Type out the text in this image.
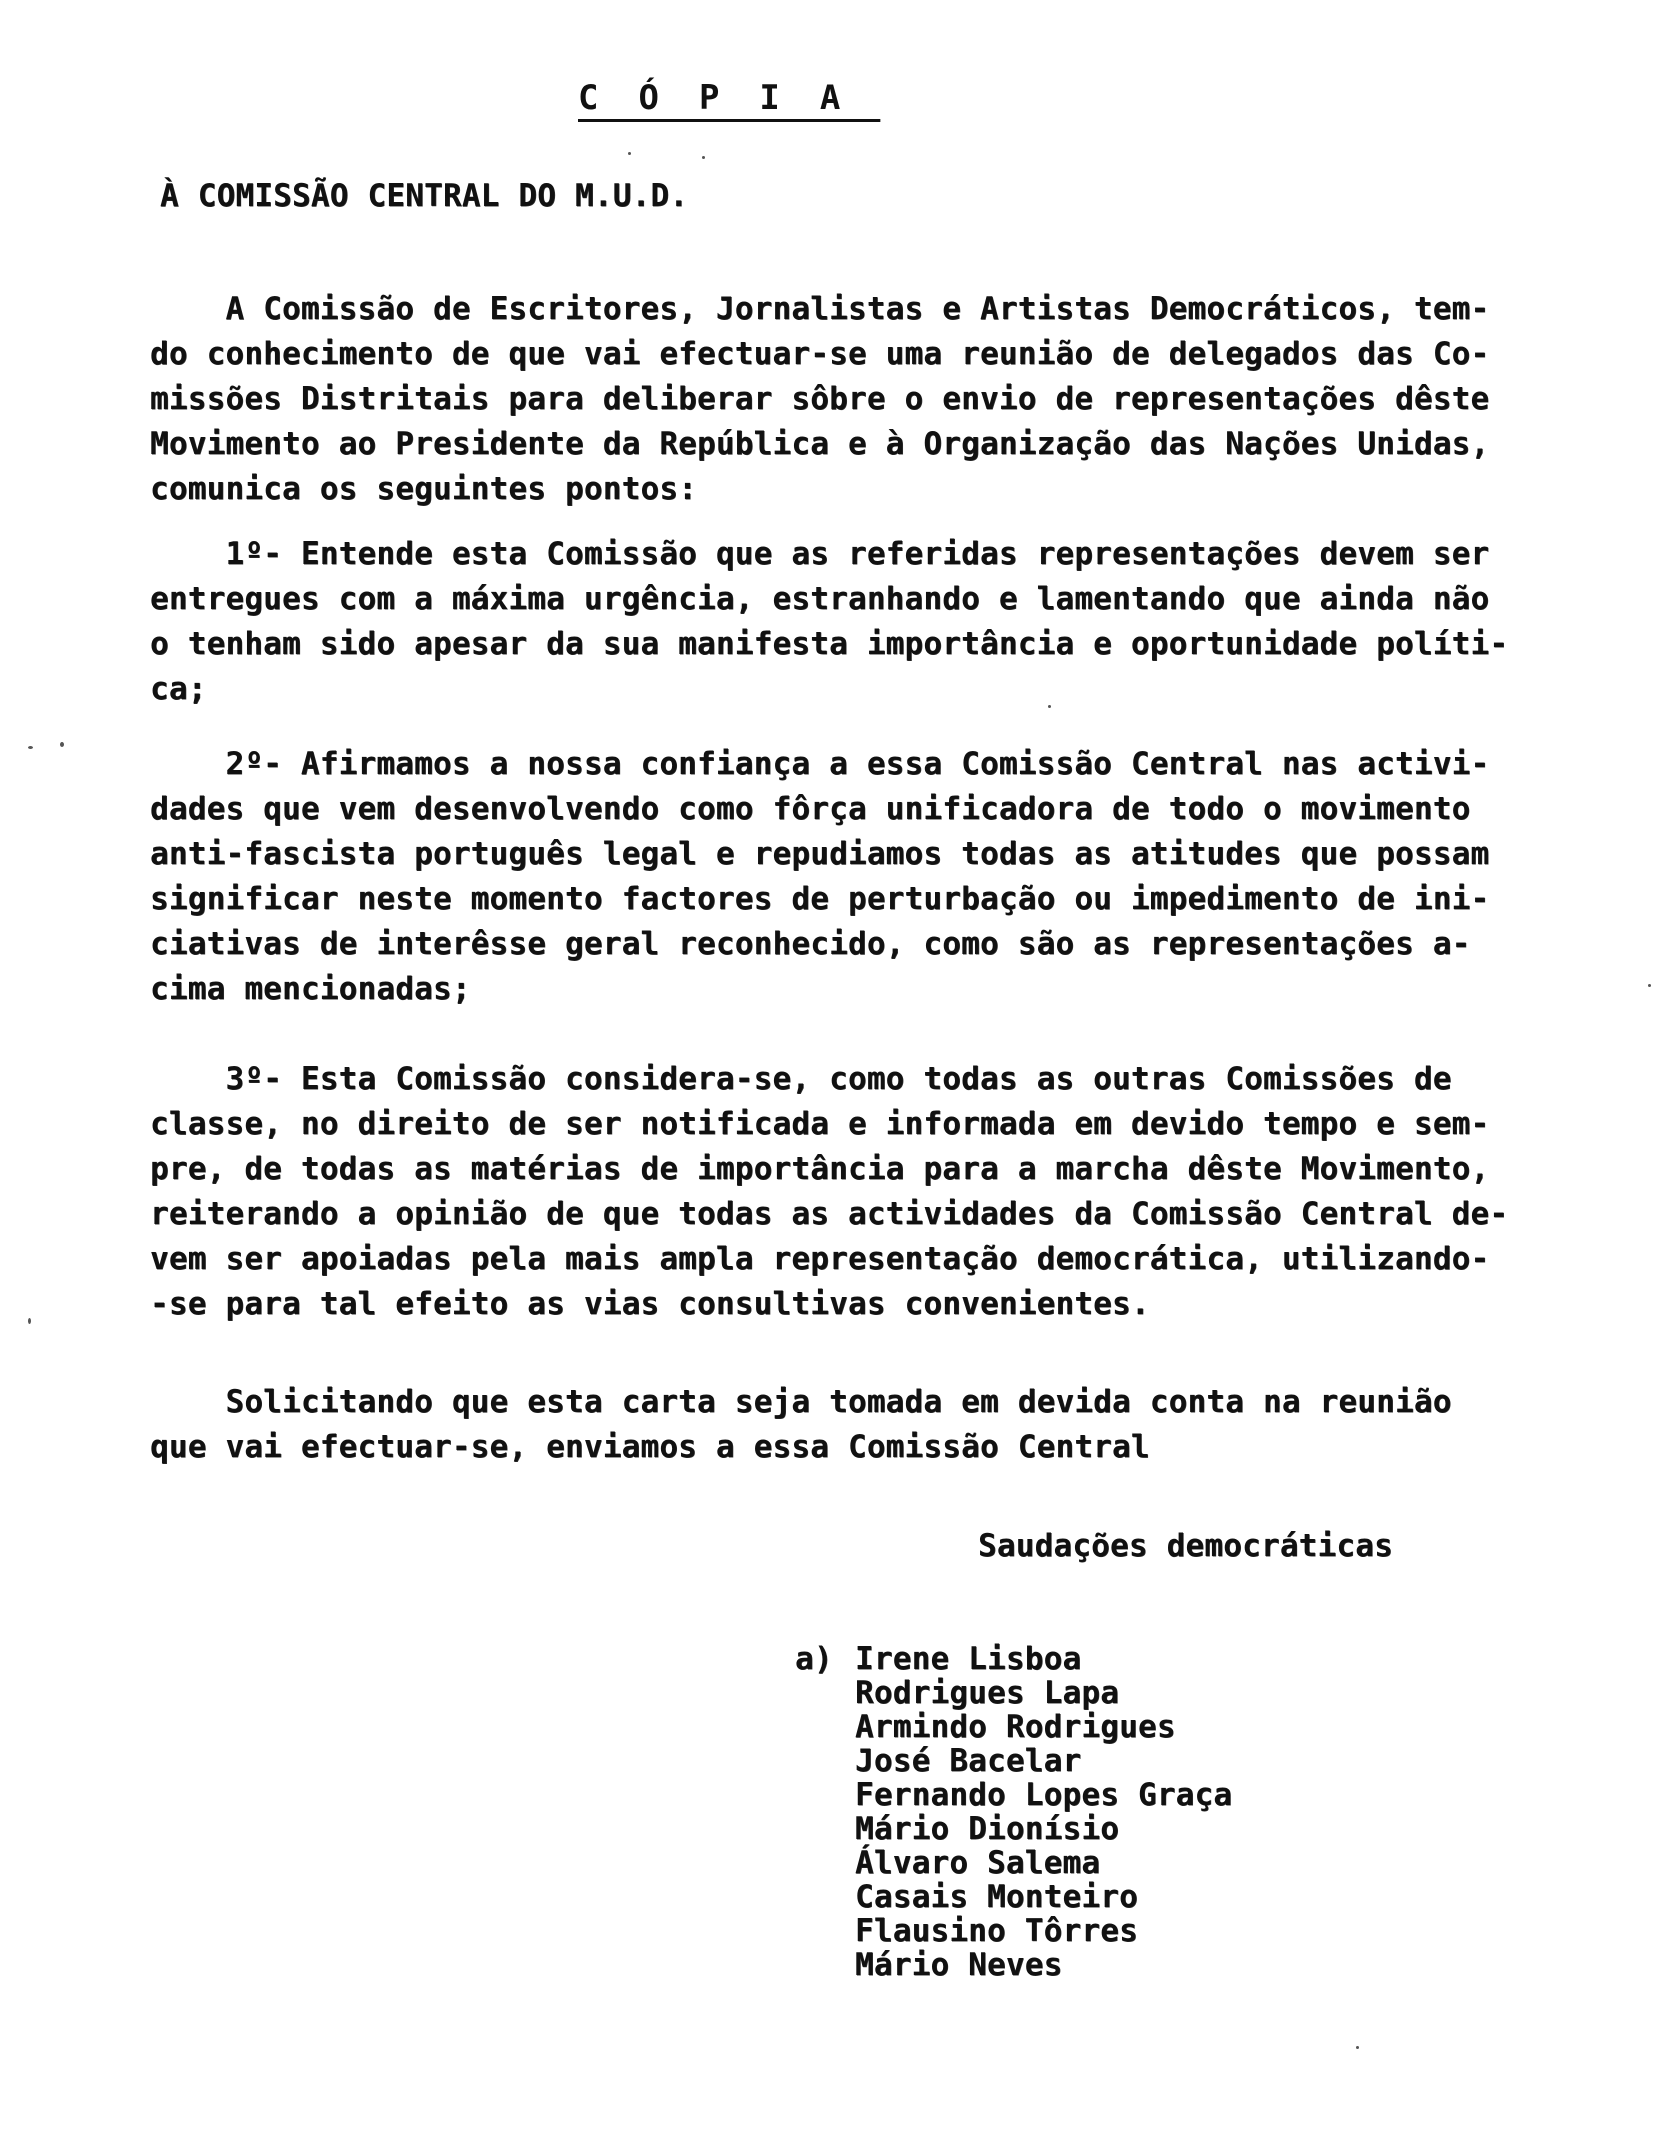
CÓPIA
À COMISSÃO CENTRAL DO M.U.D.
A Comissão de Escritores, Jornalistas e Artistas Democráticos, tem-
do conhecimento de que vai efectuar-se uma reunião de delegados das Co-
missões Distritais para deliberar sôbre o envio de representações dêste
Movimento ao Presidente da República e à Organização das Nações Unidas,
comunica os seguintes pontos:
1º- Entende esta Comissão que as referidas representações devem ser
entregues com a máxima urgência, estranhando e lamentando que ainda não
o tenham sido apesar da sua manifesta importância e oportunidade políti-
ca;
2º- Afirmamos a nossa confiança a essa Comissão Central nas activi-
dades que vem desenvolvendo como fôrça unificadora de todo o movimento
anti-fascista português legal e repudiamos todas as atitudes que possam
significar neste momento factores de perturbação ou impedimento de ini-
ciativas de interêsse geral reconhecido, como são as representações a-
cima mencionadas;
3º- Esta Comissão considera-se, como todas as outras Comissões de
classe, no direito de ser notificada e informada em devido tempo e sem-
pre, de todas as matérias de importância para a marcha dêste Movimento,
reiterando a opinião de que todas as actividades da Comissão Central de-
vem ser apoiadas pela mais ampla representação democrática, utilizando-
-se para tal efeito as vias consultivas convenientes.
Solicitando que esta carta seja tomada em devida conta na reunião
que vai efectuar-se, enviamos a essa Comissão Central
Saudações democráticas
a) Irene Lisboa
Rodrigues Lapa
Armindo Rodrigues
José Bacelar
Fernando Lopes Graça
Mário Dionísio
Álvaro Salema
Casais Monteiro
Flausino Tôrres
Mário Neves
